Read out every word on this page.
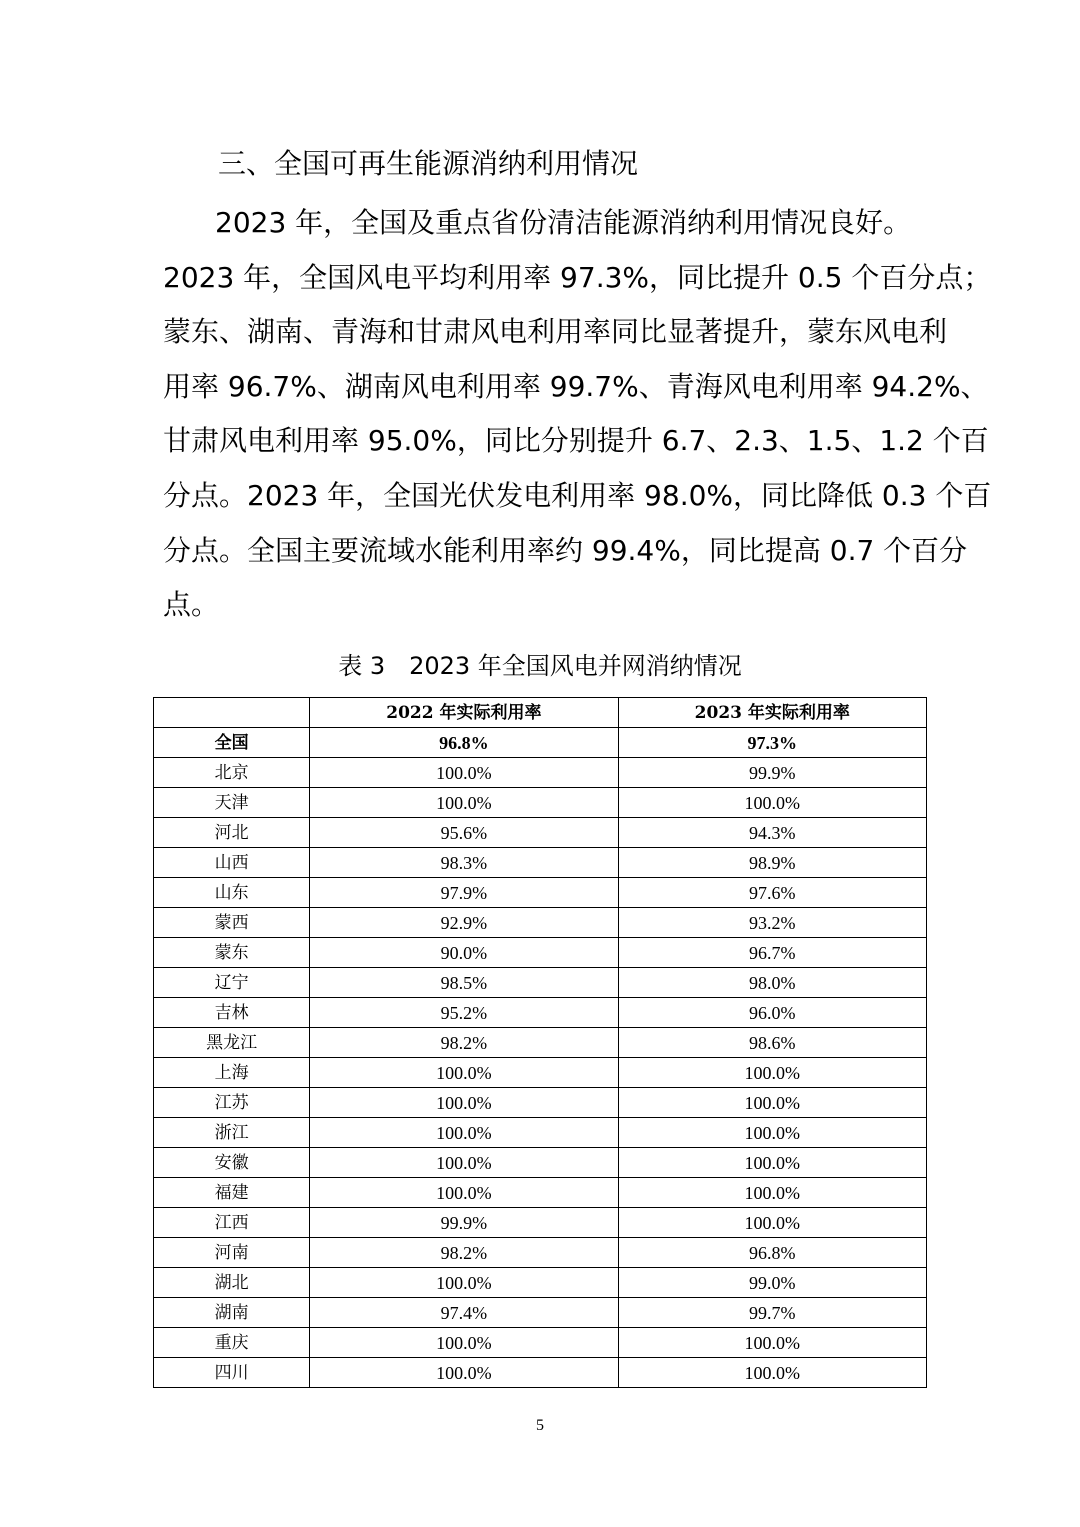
三、全国可再生能源消纳利用情况
2023 年，全国及重点省份清洁能源消纳利用情况良好。
2023 年，全国风电平均利用率 97.3%，同比提升 0.5 个百分点；
蒙东、湖南、青海和甘肃风电利用率同比显著提升，蒙东风电利
用率 96.7%、湖南风电利用率 99.7%、青海风电利用率 94.2%、
甘肃风电利用率 95.0%，同比分别提升 6.7、2.3、1.5、1.2 个百
分点。2023 年，全国光伏发电利用率 98.0%，同比降低 0.3 个百
分点。全国主要流域水能利用率约 99.4%，同比提高 0.7 个百分
点。
表 3　2023 年全国风电并网消纳情况
	2022 年实际利用率	2023 年实际利用率
全国	96.8%	97.3%
北京	100.0%	99.9%
天津	100.0%	100.0%
河北	95.6%	94.3%
山西	98.3%	98.9%
山东	97.9%	97.6%
蒙西	92.9%	93.2%
蒙东	90.0%	96.7%
辽宁	98.5%	98.0%
吉林	95.2%	96.0%
黑龙江	98.2%	98.6%
上海	100.0%	100.0%
江苏	100.0%	100.0%
浙江	100.0%	100.0%
安徽	100.0%	100.0%
福建	100.0%	100.0%
江西	99.9%	100.0%
河南	98.2%	96.8%
湖北	100.0%	99.0%
湖南	97.4%	99.7%
重庆	100.0%	100.0%
四川	100.0%	100.0%
5
